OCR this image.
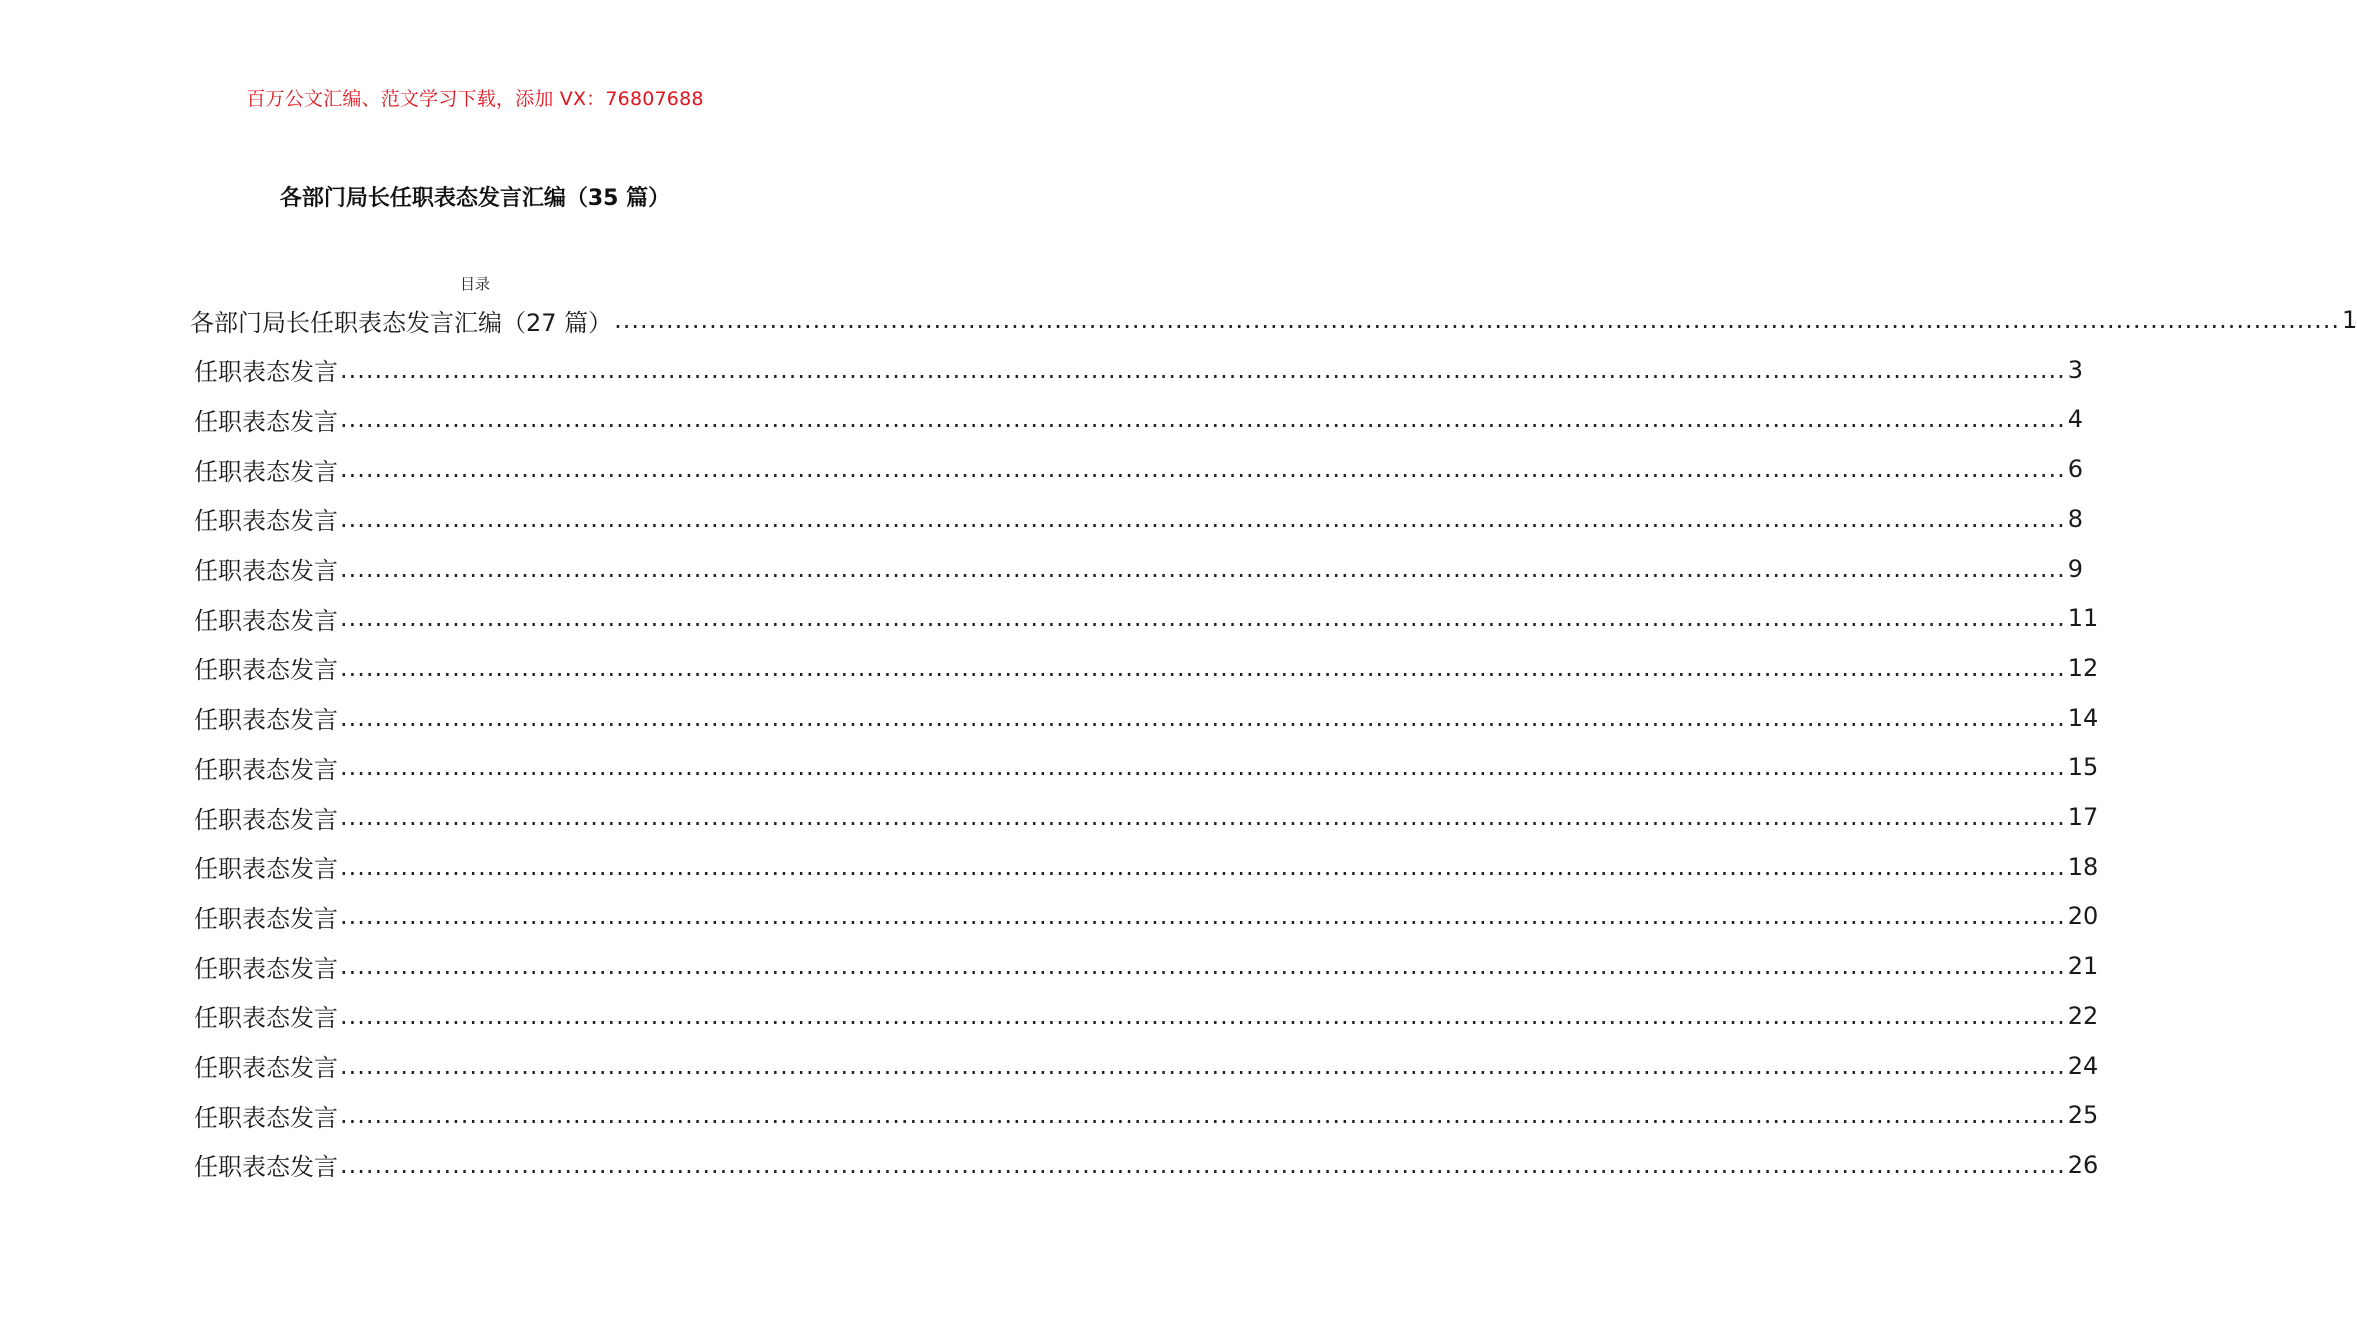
百万公文汇编、范文学习下载，添加 VX：76807688
各部门局长任职表态发言汇编（35 篇）
目录
各部门局长任职表态发言汇编（27 篇） ........................................................................................................................................................................................................ 1
任职表态发言 ........................................................................................................................................................................................................ 3
任职表态发言 ........................................................................................................................................................................................................ 4
任职表态发言 ........................................................................................................................................................................................................ 6
任职表态发言 ........................................................................................................................................................................................................ 8
任职表态发言 ........................................................................................................................................................................................................ 9
任职表态发言 ........................................................................................................................................................................................................ 11
任职表态发言 ........................................................................................................................................................................................................ 12
任职表态发言 ........................................................................................................................................................................................................ 14
任职表态发言 ........................................................................................................................................................................................................ 15
任职表态发言 ........................................................................................................................................................................................................ 17
任职表态发言 ........................................................................................................................................................................................................ 18
任职表态发言 ........................................................................................................................................................................................................ 20
任职表态发言 ........................................................................................................................................................................................................ 21
任职表态发言 ........................................................................................................................................................................................................ 22
任职表态发言 ........................................................................................................................................................................................................ 24
任职表态发言 ........................................................................................................................................................................................................ 25
任职表态发言 ........................................................................................................................................................................................................ 26
